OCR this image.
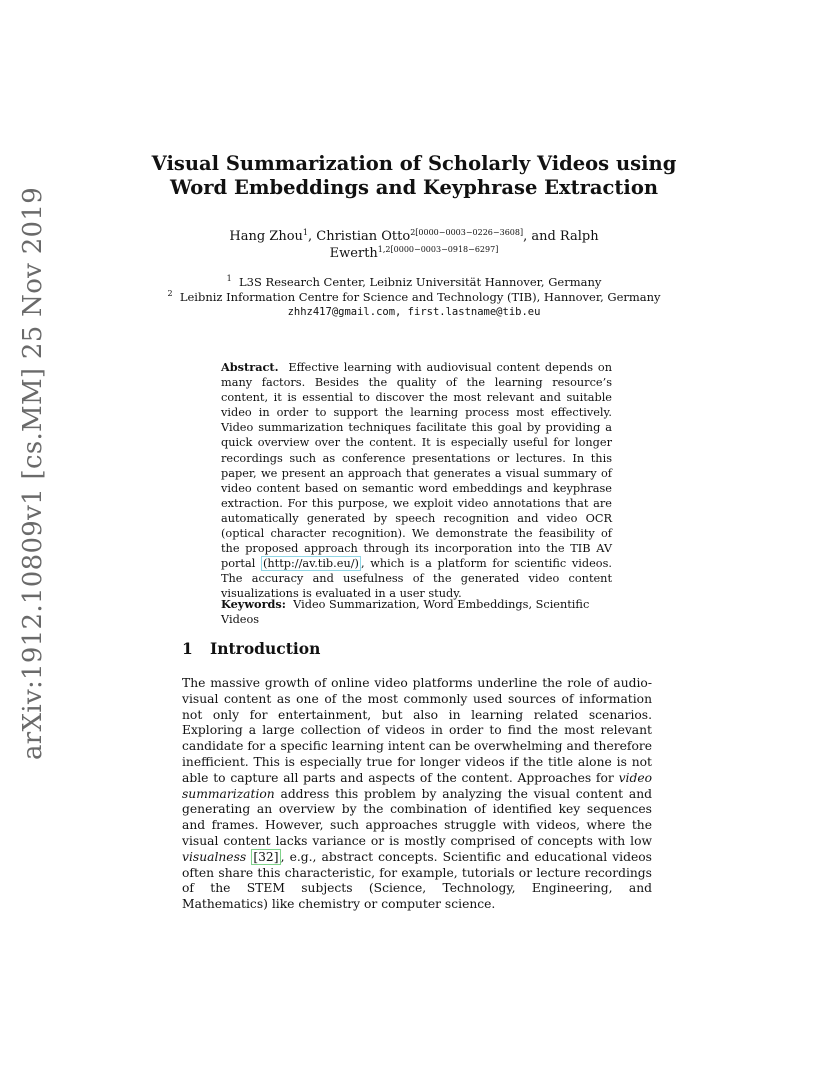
arXiv:1912.10809v1 [cs.MM] 25 Nov 2019
Visual Summarization of Scholarly Videos using
Word Embeddings and Keyphrase Extraction
Hang Zhou$^1$, Christian Otto$^{2[0000-0003-0226-3608]}$, and Ralph
Ewerth$^{1,2[0000-0003-0918-6297]}$
$^1$ L3S Research Center, Leibniz Universität Hannover, Germany
$^2$ Leibniz Information Centre for Science and Technology (TIB), Hannover, Germany
zhhz417@gmail.com, first.lastname@tib.eu
Abstract. Effective learning with audiovisual content depends on many factors. Besides the quality of the learning resource’s content, it is essential to discover the most relevant and suitable video in order to support the learning process most effectively. Video summarization techniques facilitate this goal by providing a quick overview over the content. It is especially useful for longer recordings such as conference presentations or lectures. In this paper, we present an approach that generates a visual summary of video content based on semantic word embeddings and keyphrase extraction. For this purpose, we exploit video annotations that are automatically generated by speech recognition and video OCR (optical character recognition). We demonstrate the feasibility of the proposed approach through its incorporation into the TIB AV portal (http://av.tib.eu/) , which is a platform for scientific videos. The accuracy and usefulness of the generated video content visualizations is evaluated in a user study.
Keywords: Video Summarization, Word Embeddings, Scientific Videos
1 Introduction
The massive growth of online video platforms underline the role of audio-visual content as one of the most commonly used sources of information not only for entertainment, but also in learning related scenarios. Exploring a large collection of videos in order to find the most relevant candidate for a specific learning intent can be overwhelming and therefore inefficient. This is especially true for longer videos if the title alone is not able to capture all parts and aspects of the content. Approaches for video summarization address this problem by analyzing the visual content and generating an overview by the combination of identified key sequences and frames. However, such approaches struggle with videos, where the visual content lacks variance or is mostly comprised of concepts with low visualness [32] , e.g., abstract concepts. Scientific and educational videos often share this characteristic, for example, tutorials or lecture recordings of the STEM subjects (Science, Technology, Engineering, and Mathematics) like chemistry or computer science.
